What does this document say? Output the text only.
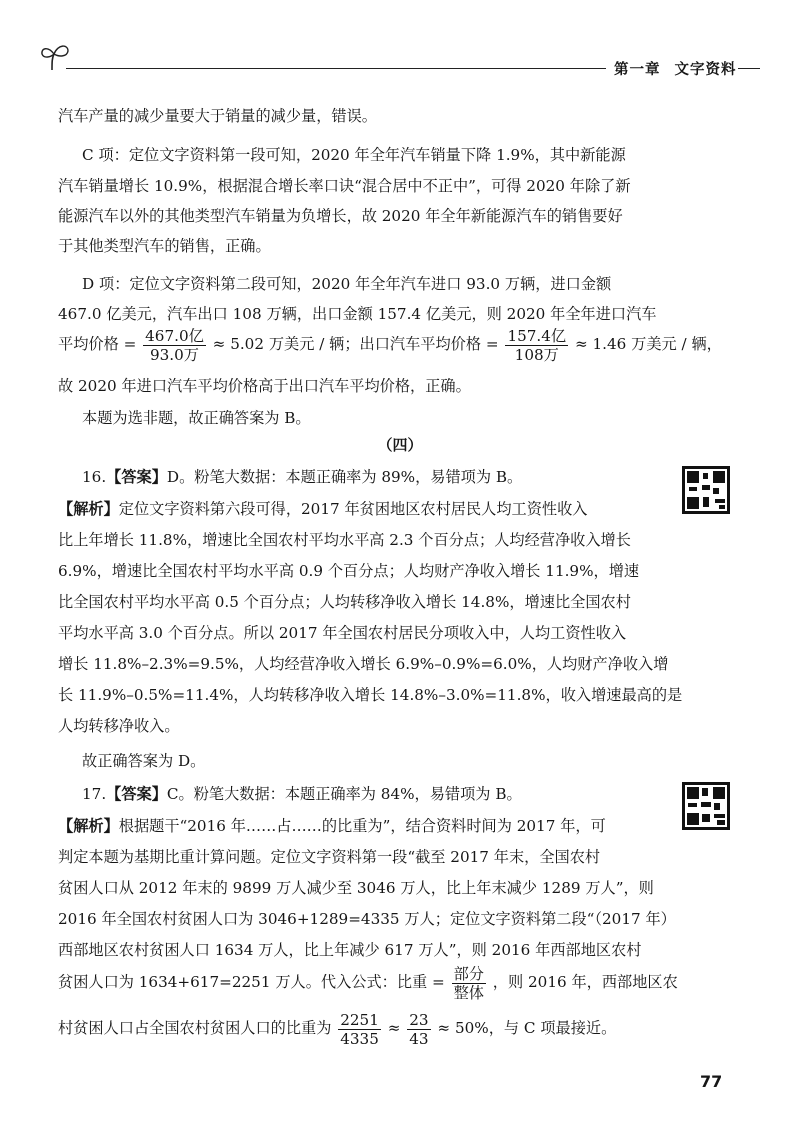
第一章 文字资料
汽车产量的减少量要大于销量的减少量，错误。
C 项：定位文字资料第一段可知，2020 年全年汽车销量下降 1.9%，其中新能源
汽车销量增长 10.9%，根据混合增长率口诀“混合居中不正中”，可得 2020 年除了新
能源汽车以外的其他类型汽车销量为负增长，故 2020 年全年新能源汽车的销售要好
于其他类型汽车的销售，正确。
D 项：定位文字资料第二段可知，2020 年全年汽车进口 93.0 万辆，进口金额
467.0 亿美元，汽车出口 108 万辆，出口金额 157.4 亿美元，则 2020 年全年进口汽车
平均价格 = $\frac{\text{467.0亿}}{\text{93.0万}} \approx 5.02$ 万美元 / 辆；出口汽车平均价格 = $\frac{\text{157.4亿}}{\text{108万}} \approx 1.46$ 万美元 / 辆，
故 2020 年进口汽车平均价格高于出口汽车平均价格，正确。
本题为选非题，故正确答案为 B。
（四）
16.【答案】D。粉笔大数据：本题正确率为 89%，易错项为 B。
【解析】定位文字资料第六段可得，2017 年贫困地区农村居民人均工资性收入
比上年增长 11.8%，增速比全国农村平均水平高 2.3 个百分点；人均经营净收入增长
6.9%，增速比全国农村平均水平高 0.9 个百分点；人均财产净收入增长 11.9%，增速
比全国农村平均水平高 0.5 个百分点；人均转移净收入增长 14.8%，增速比全国农村
平均水平高 3.0 个百分点。所以 2017 年全国农村居民分项收入中，人均工资性收入
增长 11.8%–2.3%=9.5%，人均经营净收入增长 6.9%–0.9%=6.0%，人均财产净收入增
长 11.9%–0.5%=11.4%，人均转移净收入增长 14.8%–3.0%=11.8%，收入增速最高的是
人均转移净收入。
故正确答案为 D。
17.【答案】C。粉笔大数据：本题正确率为 84%，易错项为 B。
【解析】根据题干“2016 年……占……的比重为”，结合资料时间为 2017 年，可
判定本题为基期比重计算问题。定位文字资料第一段“截至 2017 年末，全国农村
贫困人口从 2012 年末的 9899 万人减少至 3046 万人，比上年末减少 1289 万人”，则
2016 年全国农村贫困人口为 3046+1289=4335 万人；定位文字资料第二段“（2017 年）
西部地区农村贫困人口 1634 万人，比上年减少 617 万人”，则 2016 年西部地区农村
贫困人口为 1634+617=2251 万人。代入公式：比重 = $\frac{\text{部分}}{\text{整体}}$ ，则 2016 年，西部地区农
村贫困人口占全国农村贫困人口的比重为 $\frac{2251}{4335} \approx \frac{23}{43} \approx 50\%$，与 C 项最接近。
77
